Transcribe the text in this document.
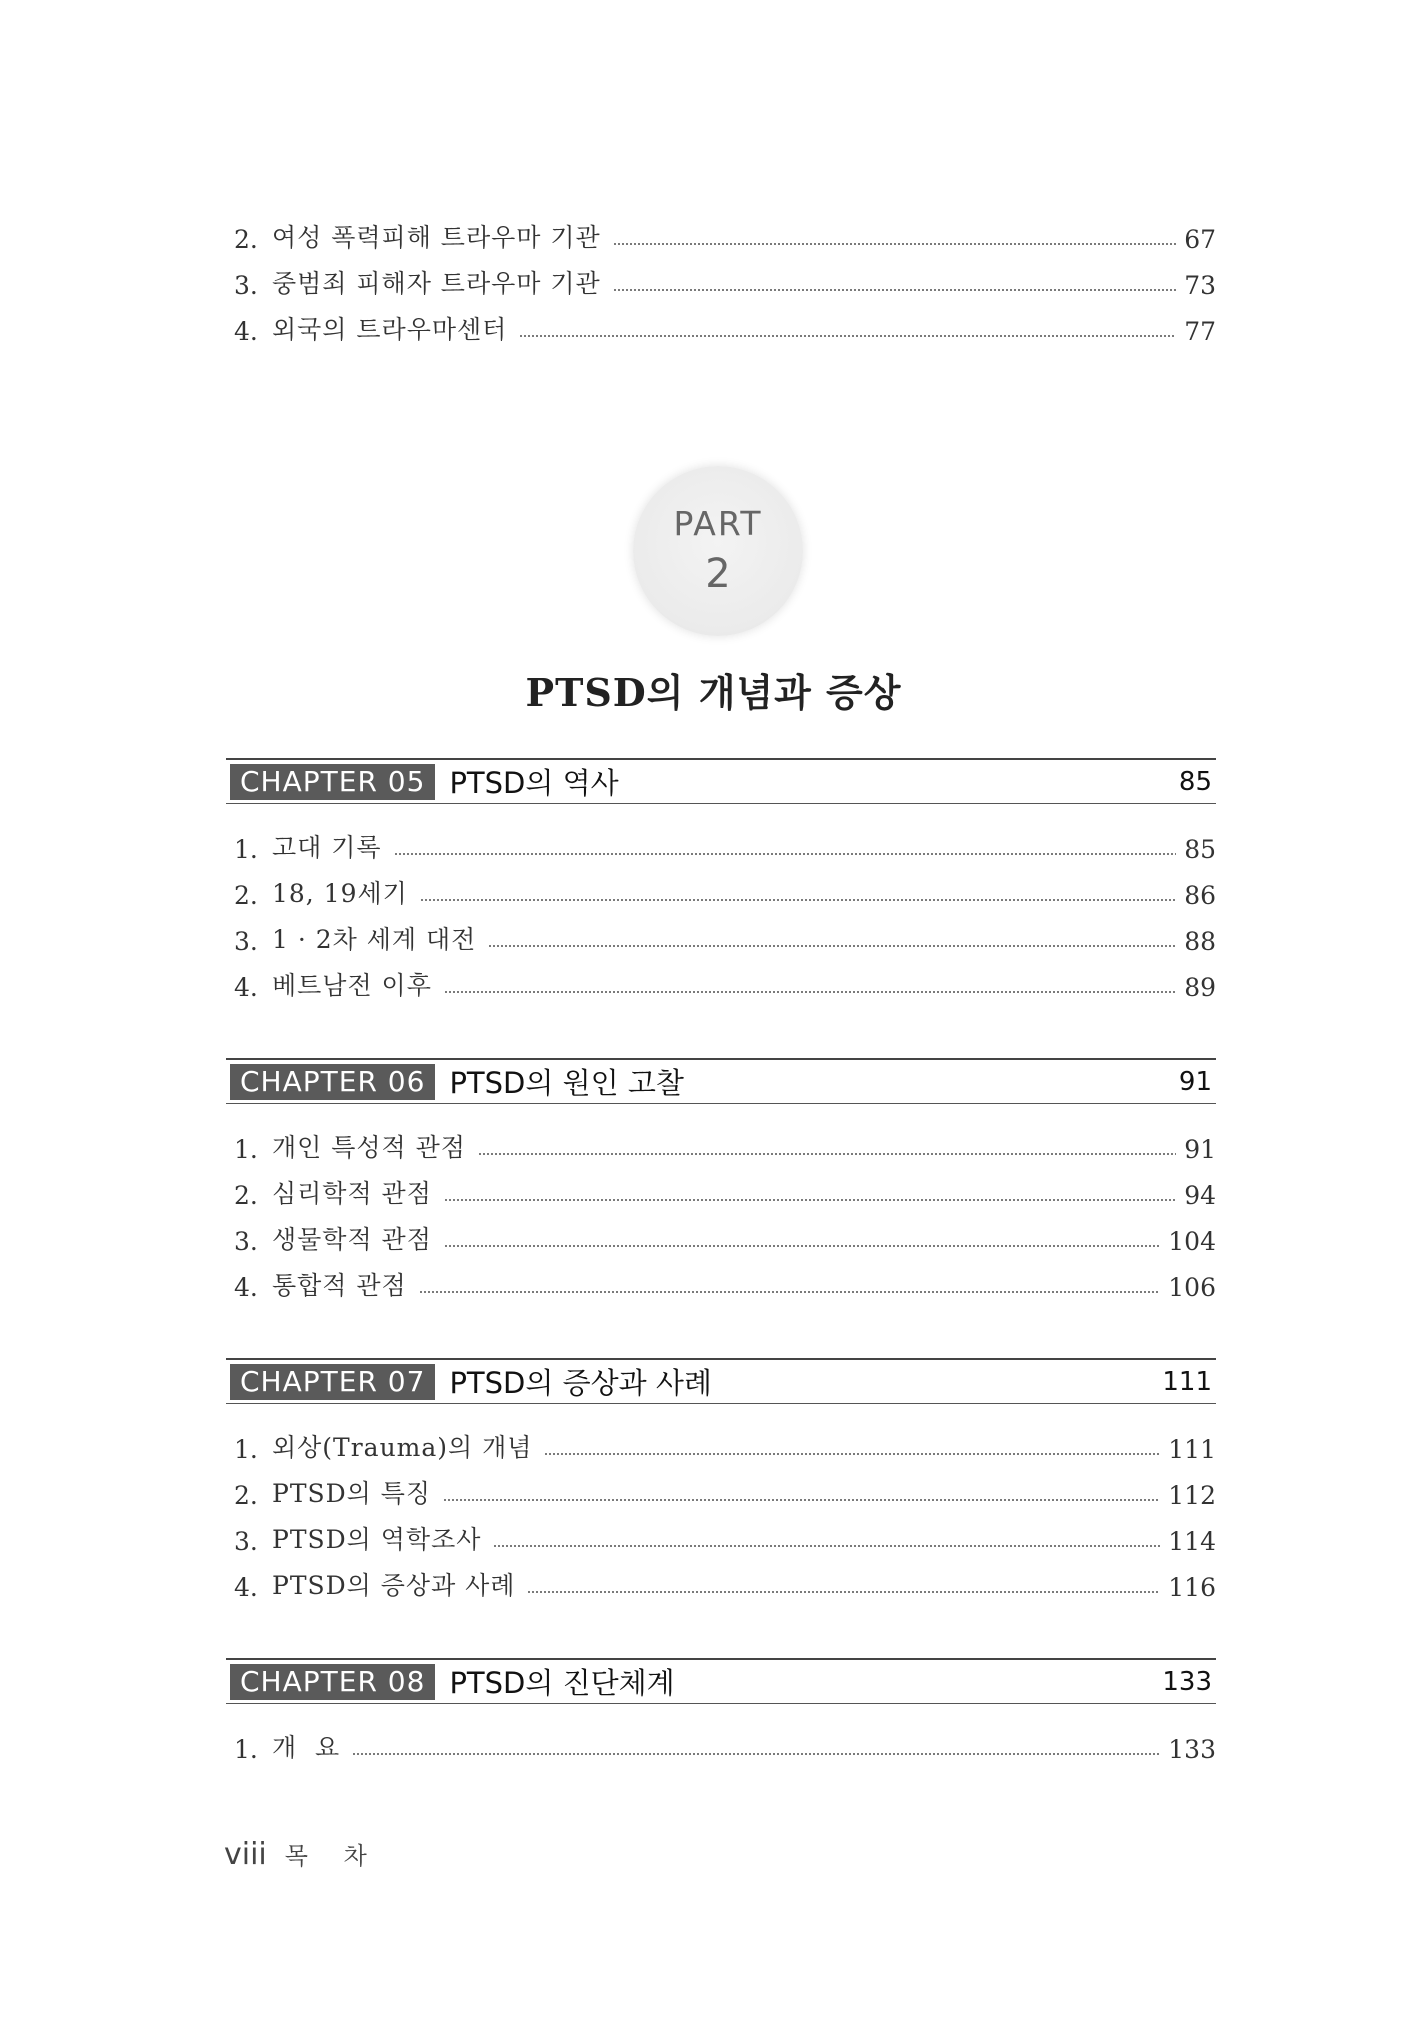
2. 여성 폭력피해 트라우마 기관	67
3. 중범죄 피해자 트라우마 기관	73
4. 외국의 트라우마센터	77
PART
2
PTSD의 개념과 증상
CHAPTER 05 PTSD의 역사	85
1. 고대 기록	85
2. 18, 19세기	86
3. 1 · 2차 세계 대전	88
4. 베트남전 이후	89
CHAPTER 06 PTSD의 원인 고찰	91
1. 개인 특성적 관점	91
2. 심리학적 관점	94
3. 생물학적 관점	104
4. 통합적 관점	106
CHAPTER 07 PTSD의 증상과 사례	111
1. 외상(Trauma)의 개념	111
2. PTSD의 특징	112
3. PTSD의 역학조사	114
4. PTSD의 증상과 사례	116
CHAPTER 08 PTSD의 진단체계	133
1. 개  요	133
viii 목 차
